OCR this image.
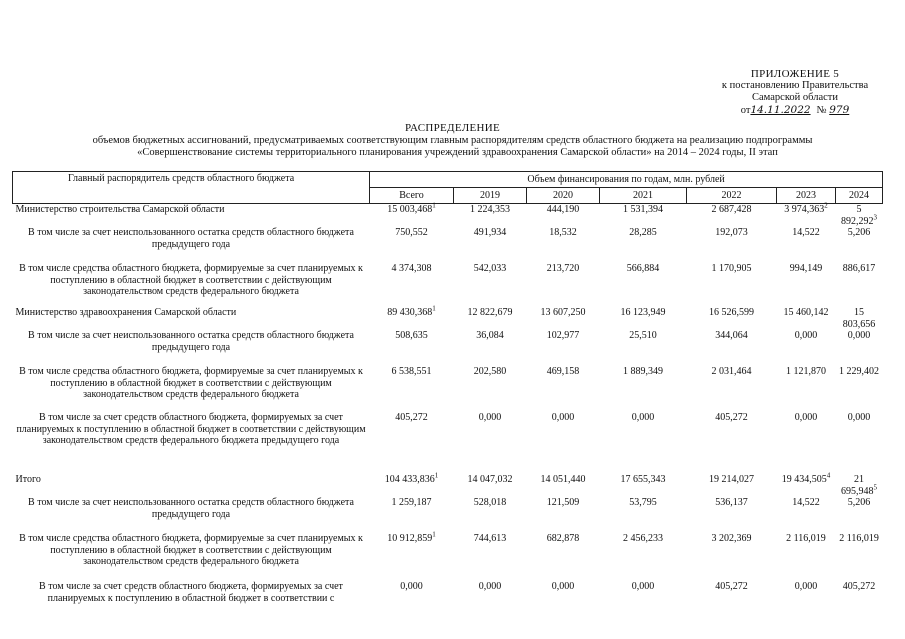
ПРИЛОЖЕНИЕ 5
к постановлению Правительства
Самарской области
от14.11.2022 № 979
РАСПРЕДЕЛЕНИЕ
объемов бюджетных ассигнований, предусматриваемых соответствующим главным распорядителям средств областного бюджета на реализацию подпрограммы
«Совершенствование системы территориального планирования учреждений здравоохранения Самарской области» на 2014 – 2024 годы, II этап
Главный распорядитель средств областного бюджета	Объем финансирования по годам, млн. рублей						
	Всего	2019	2020	2021	2022	2023	2024
Министерство строительства Самарской области	15 003,468$^1$	1 224,353	444,190	1 531,394	2 687,428	3 974,363$^2$	5 892,292$^3$
В том числе за счет неиспользованного остатка средств областного бюджета предыдущего года	750,552	491,934	18,532	28,285	192,073	14,522	5,206
В том числе средства областного бюджета, формируемые за счет планируемых к поступлению в областной бюджет в соответствии с действующим законодательством средств федерального бюджета	4 374,308	542,033	213,720	566,884	1 170,905	994,149	886,617
Министерство здравоохранения Самарской области	89 430,368$^1$	12 822,679	13 607,250	16 123,949	16 526,599	15 460,142	15 803,656
В том числе за счет неиспользованного остатка средств областного бюджета предыдущего года	508,635	36,084	102,977	25,510	344,064	0,000	0,000
В том числе средства областного бюджета, формируемые за счет планируемых к поступлению в областной бюджет в соответствии с действующим законодательством средств федерального бюджета	6 538,551	202,580	469,158	1 889,349	2 031,464	1 121,870	1 229,402
В том числе за счет средств областного бюджета, формируемых за счет планируемых к поступлению в областной бюджет в соответствии с действующим законодательством средств федерального бюджета предыдущего года	405,272	0,000	0,000	0,000	405,272	0,000	0,000
Итого	104 433,836$^1$	14 047,032	14 051,440	17 655,343	19 214,027	19 434,505$^4$	21 695,948$^5$
В том числе за счет неиспользованного остатка средств областного бюджета предыдущего года	1 259,187	528,018	121,509	53,795	536,137	14,522	5,206
В том числе средства областного бюджета, формируемые за счет планируемых к поступлению в областной бюджет в соответствии с действующим законодательством средств федерального бюджета	10 912,859$^1$	744,613	682,878	2 456,233	3 202,369	2 116,019	2 116,019
В том числе за счет средств областного бюджета, формируемых за счет планируемых к поступлению в областной бюджет в соответствии с	0,000	0,000	0,000	0,000	405,272	0,000	405,272
